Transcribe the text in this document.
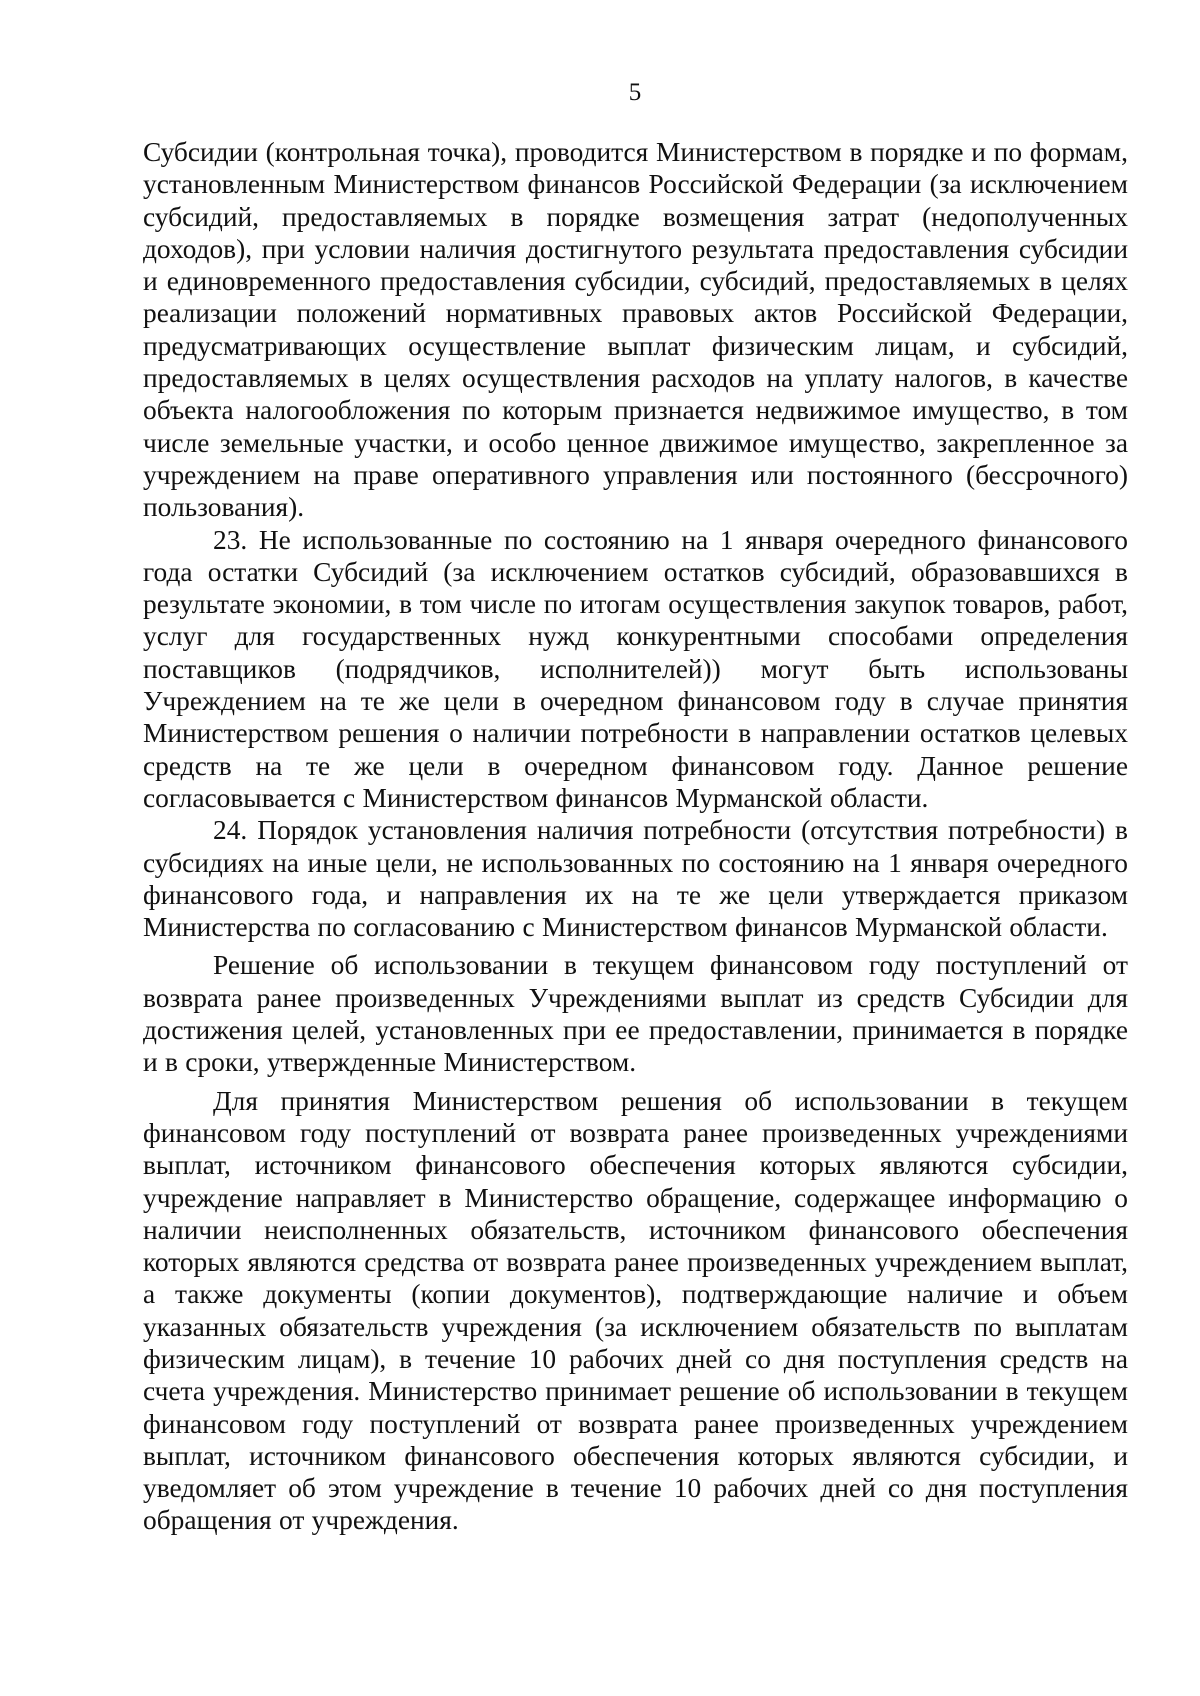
5

Субсидии (контрольная точка), проводится Министерством в порядке и по формам, установленным Министерством финансов Российской Федерации (за исключением субсидий, предоставляемых в порядке возмещения затрат (недополученных доходов), при условии наличия достигнутого результата предоставления субсидии и единовременного предоставления субсидии, субсидий, предоставляемых в целях реализации положений нормативных правовых актов Российской Федерации, предусматривающих осуществление выплат физическим лицам, и субсидий, предоставляемых в целях осуществления расходов на уплату налогов, в качестве объекта налогообложения по которым признается недвижимое имущество, в том числе земельные участки, и особо ценное движимое имущество, закрепленное за учреждением на праве оперативного управления или постоянного (бессрочного) пользования).

23. Не использованные по состоянию на 1 января очередного финансового года остатки Субсидий (за исключением остатков субсидий, образовавшихся в результате экономии, в том числе по итогам осуществления закупок товаров, работ, услуг для государственных нужд конкурентными способами определения поставщиков (подрядчиков, исполнителей)) могут быть использованы Учреждением на те же цели в очередном финансовом году в случае принятия Министерством решения о наличии потребности в направлении остатков целевых средств на те же цели в очередном финансовом году. Данное решение согласовывается с Министерством финансов Мурманской области.

24. Порядок установления наличия потребности (отсутствия потребности) в субсидиях на иные цели, не использованных по состоянию на 1 января очередного финансового года, и направления их на те же цели утверждается приказом Министерства по согласованию с Министерством финансов Мурманской области.

Решение об использовании в текущем финансовом году поступлений от возврата ранее произведенных Учреждениями выплат из средств Субсидии для достижения целей, установленных при ее предоставлении, принимается в порядке и в сроки, утвержденные Министерством.

Для принятия Министерством решения об использовании в текущем финансовом году поступлений от возврата ранее произведенных учреждениями выплат, источником финансового обеспечения которых являются субсидии, учреждение направляет в Министерство обращение, содержащее информацию о наличии неисполненных обязательств, источником финансового обеспечения которых являются средства от возврата ранее произведенных учреждением выплат, а также документы (копии документов), подтверждающие наличие и объем указанных обязательств учреждения (за исключением обязательств по выплатам физическим лицам), в течение 10 рабочих дней со дня поступления средств на счета учреждения. Министерство принимает решение об использовании в текущем финансовом году поступлений от возврата ранее произведенных учреждением выплат, источником финансового обеспечения которых являются субсидии, и уведомляет об этом учреждение в течение 10 рабочих дней со дня поступления обращения от учреждения.
